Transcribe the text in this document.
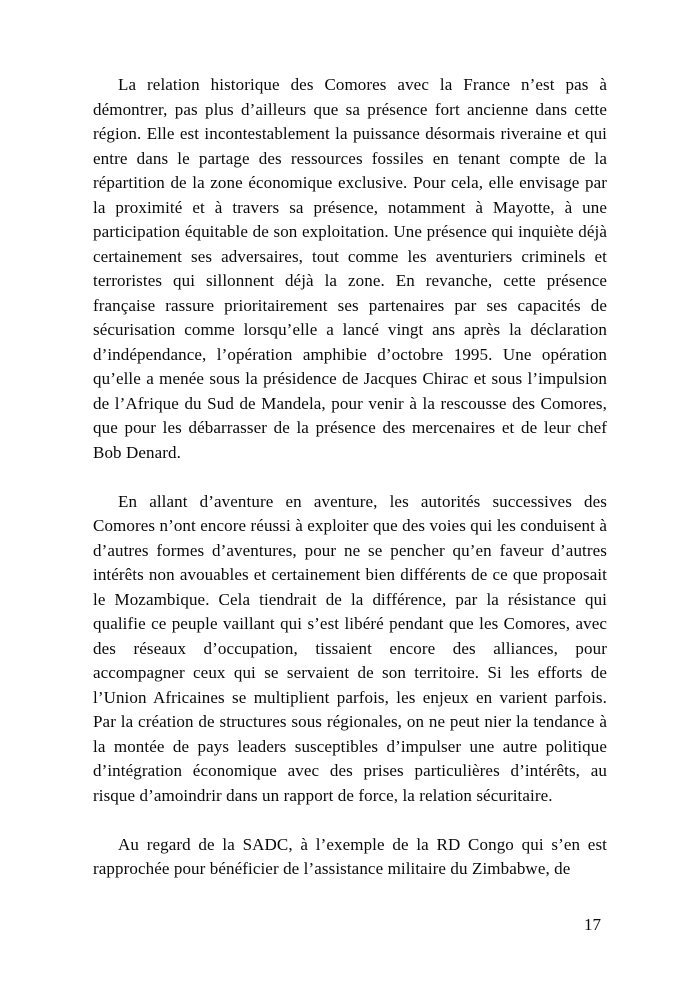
La relation historique des Comores avec la France n’est pas à démontrer, pas plus d’ailleurs que sa présence fort ancienne dans cette région. Elle est incontestablement la puissance désormais riveraine et qui entre dans le partage des ressources fossiles en tenant compte de la répartition de la zone économique exclusive. Pour cela, elle envisage par la proximité et à travers sa présence, notamment à Mayotte, à une participation équitable de son exploitation. Une présence qui inquiète déjà certainement ses adversaires, tout comme les aventuriers criminels et terroristes qui sillonnent déjà la zone. En revanche, cette présence française rassure prioritairement ses partenaires par ses capacités de sécurisation comme lorsqu’elle a lancé vingt ans après la déclaration d’indépendance, l’opération amphibie d’octobre 1995. Une opération qu’elle a menée sous la présidence de Jacques Chirac et sous l’impulsion de l’Afrique du Sud de Mandela, pour venir à la rescousse des Comores, que pour les débarrasser de la présence des mercenaires et de leur chef Bob Denard.

En allant d’aventure en aventure, les autorités successives des Comores n’ont encore réussi à exploiter que des voies qui les conduisent à d’autres formes d’aventures, pour ne se pencher qu’en faveur d’autres intérêts non avouables et certainement bien différents de ce que proposait le Mozambique. Cela tiendrait de la différence, par la résistance qui qualifie ce peuple vaillant qui s’est libéré pendant que les Comores, avec des réseaux d’occupation, tissaient encore des alliances, pour accompagner ceux qui se servaient de son territoire. Si les efforts de l’Union Africaines se multiplient parfois, les enjeux en varient parfois. Par la création de structures sous régionales, on ne peut nier la tendance à la montée de pays leaders susceptibles d’impulser une autre politique d’intégration économique avec des prises particulières d’intérêts, au risque d’amoindrir dans un rapport de force, la relation sécuritaire.

Au regard de la SADC, à l’exemple de la RD Congo qui s’en est rapprochée pour bénéficier de l’assistance militaire du Zimbabwe, de

17
